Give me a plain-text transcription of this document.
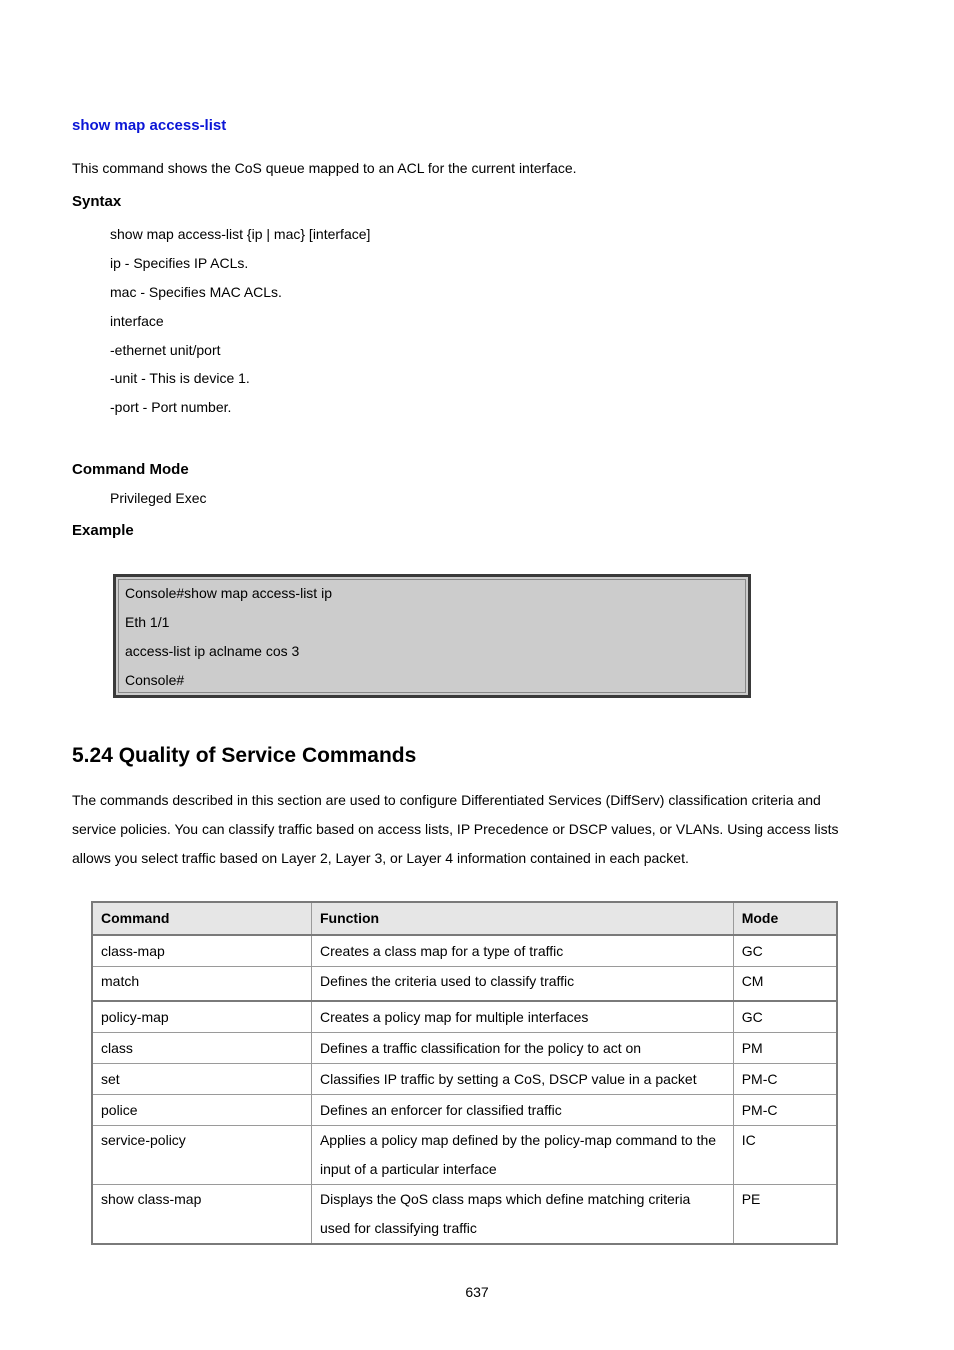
show map access-list
This command shows the CoS queue mapped to an ACL for the current interface.
Syntax
show map access-list {ip | mac} [interface]
ip - Specifies IP ACLs.
mac - Specifies MAC ACLs.
interface
-ethernet unit/port
-unit - This is device 1.
-port - Port number.
Command Mode
Privileged Exec
Example
Console#show map access-list ip
Eth 1/1
access-list ip aclname cos 3
Console#
5.24 Quality of Service Commands
The commands described in this section are used to configure Differentiated Services (DiffServ) classification criteria and
service policies. You can classify traffic based on access lists, IP Precedence or DSCP values, or VLANs. Using access lists
allows you select traffic based on Layer 2, Layer 3, or Layer 4 information contained in each packet.
Command	Function	Mode
class-map	Creates a class map for a type of traffic	GC
match	Defines the criteria used to classify traffic	CM
policy-map	Creates a policy map for multiple interfaces	GC
class	Defines a traffic classification for the policy to act on	PM
set	Classifies IP traffic by setting a CoS, DSCP value in a packet	PM-C
police	Defines an enforcer for classified traffic	PM-C
service-policy	Applies a policy map defined by the policy-map command to the
input of a particular interface	IC
show class-map	Displays the QoS class maps which define matching criteria
used for classifying traffic	PE
637
